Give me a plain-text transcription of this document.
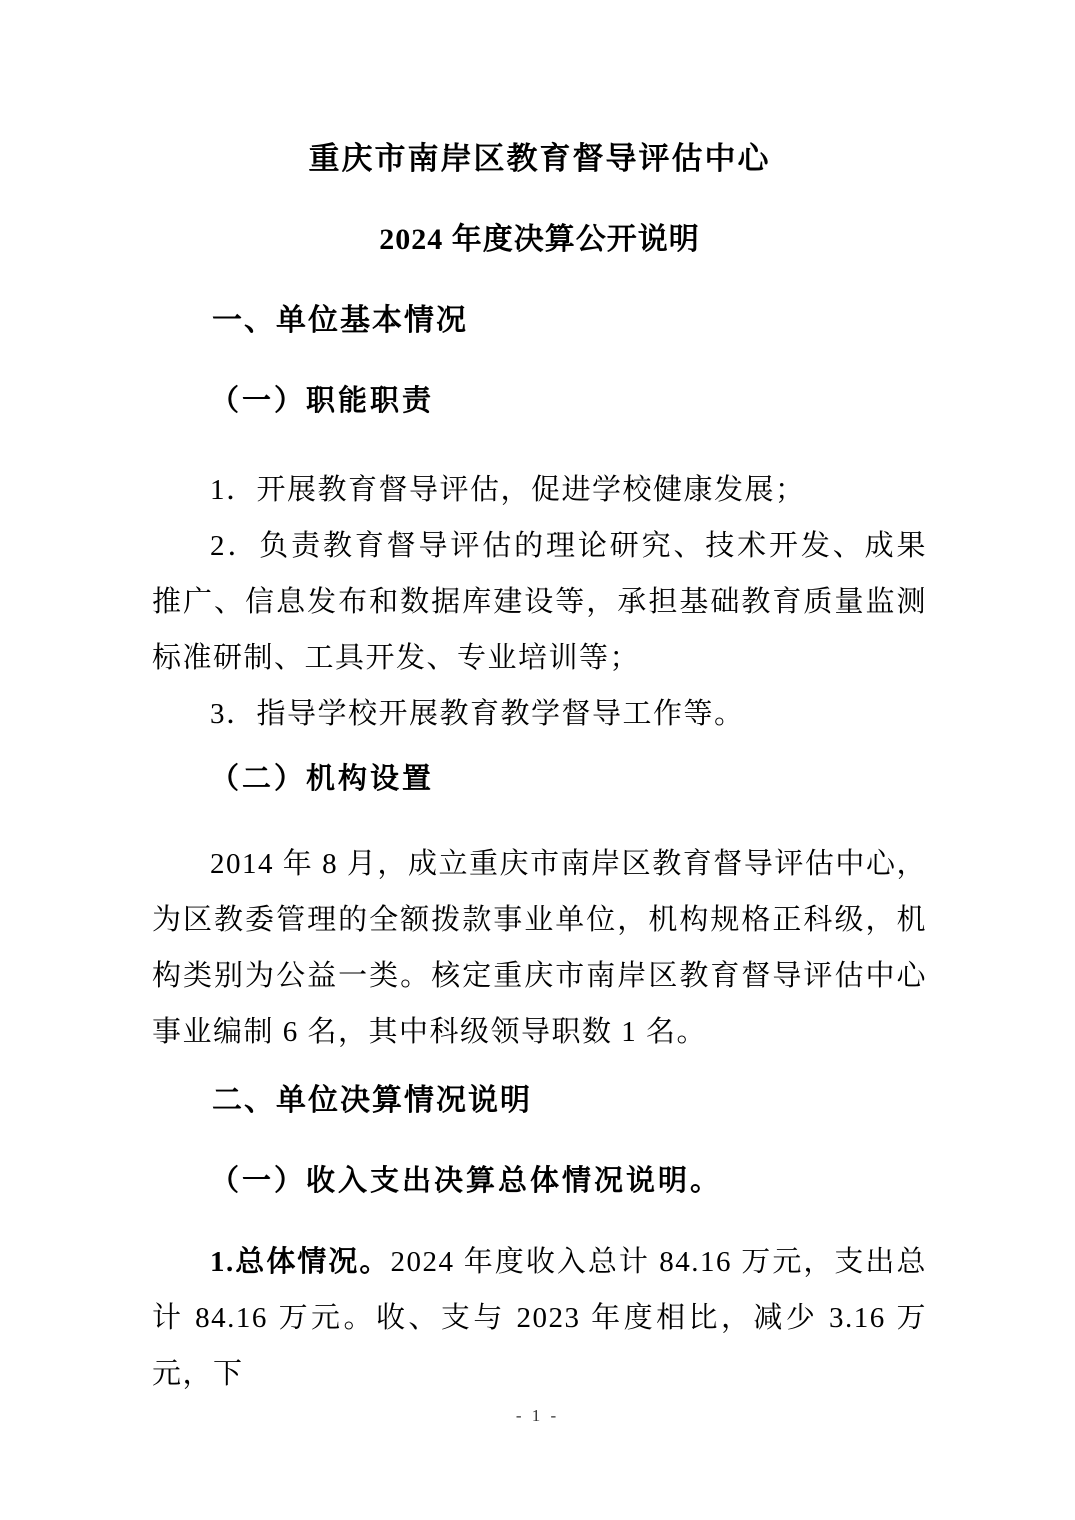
重庆市南岸区教育督导评估中心
2024 年度决算公开说明
一、单位基本情况
（一）职能职责

1．开展教育督导评估，促进学校健康发展；

2．负责教育督导评估的理论研究、技术开发、成果推广、信息发布和数据库建设等，承担基础教育质量监测标准研制、工具开发、专业培训等；

3．指导学校开展教育教学督导工作等。

（二）机构设置

2014 年 8 月，成立重庆市南岸区教育督导评估中心，为区教委管理的全额拨款事业单位，机构规格正科级，机构类别为公益一类。核定重庆市南岸区教育督导评估中心事业编制 6 名，其中科级领导职数 1 名。

二、单位决算情况说明
（一）收入支出决算总体情况说明。

1.总体情况。2024 年度收入总计 84.16 万元，支出总计 84.16 万元。收、支与 2023 年度相比，减少 3.16 万元，下

- 1 -
